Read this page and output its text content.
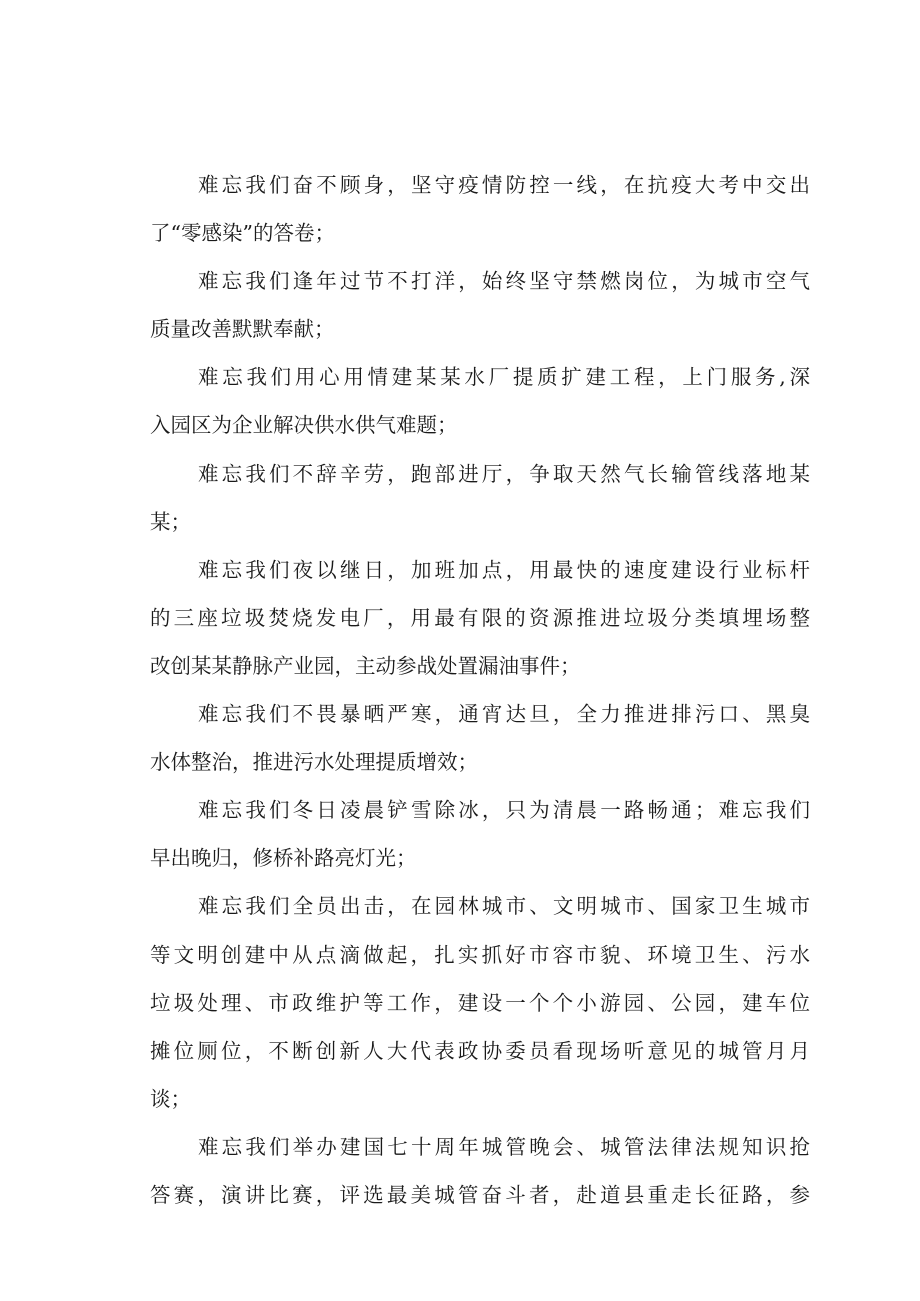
难忘我们奋不顾身，坚守疫情防控一线，在抗疫大考中交出
了“零感染”的答卷；
难忘我们逢年过节不打洋，始终坚守禁燃岗位，为城市空气
质量改善默默奉献；
难忘我们用心用情建某某水厂提质扩建工程，上门服务,深
入园区为企业解决供水供气难题；
难忘我们不辞辛劳，跑部进厅，争取天然气长输管线落地某
某；
难忘我们夜以继日，加班加点，用最快的速度建设行业标杆
的三座垃圾焚烧发电厂，用最有限的资源推进垃圾分类填埋场整
改创某某静脉产业园，主动参战处置漏油事件；
难忘我们不畏暴晒严寒，通宵达旦，全力推进排污口、黑臭
水体整治，推进污水处理提质增效；
难忘我们冬日凌晨铲雪除冰，只为清晨一路畅通；难忘我们
早出晚归，修桥补路亮灯光；
难忘我们全员出击，在园林城市、文明城市、国家卫生城市
等文明创建中从点滴做起，扎实抓好市容市貌、环境卫生、污水
垃圾处理、市政维护等工作，建设一个个小游园、公园，建车位
摊位厕位，不断创新人大代表政协委员看现场听意见的城管月月
谈；
难忘我们举办建国七十周年城管晚会、城管法律法规知识抢
答赛，演讲比赛，评选最美城管奋斗者，赴道县重走长征路，参
